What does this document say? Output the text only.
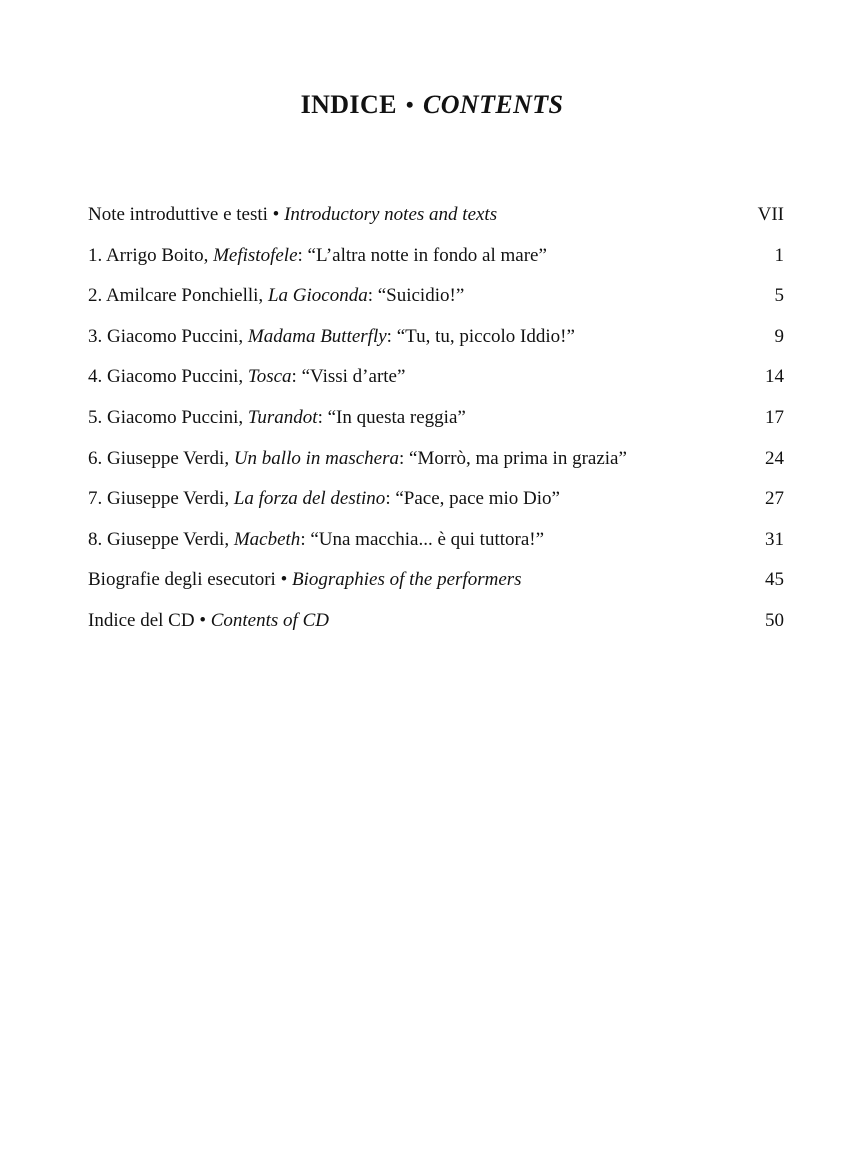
INDICE • CONTENTS
Note introduttive e testi • Introductory notes and texts	VII
1. Arrigo Boito, Mefistofele: “L’altra notte in fondo al mare”	1
2. Amilcare Ponchielli, La Gioconda: “Suicidio!”	5
3. Giacomo Puccini, Madama Butterfly: “Tu, tu, piccolo Iddio!”	9
4. Giacomo Puccini, Tosca: “Vissi d’arte”	14
5. Giacomo Puccini, Turandot: “In questa reggia”	17
6. Giuseppe Verdi, Un ballo in maschera: “Morrò, ma prima in grazia”	24
7. Giuseppe Verdi, La forza del destino: “Pace, pace mio Dio”	27
8. Giuseppe Verdi, Macbeth: “Una macchia... è qui tuttora!”	31
Biografie degli esecutori • Biographies of the performers	45
Indice del CD • Contents of CD	50
